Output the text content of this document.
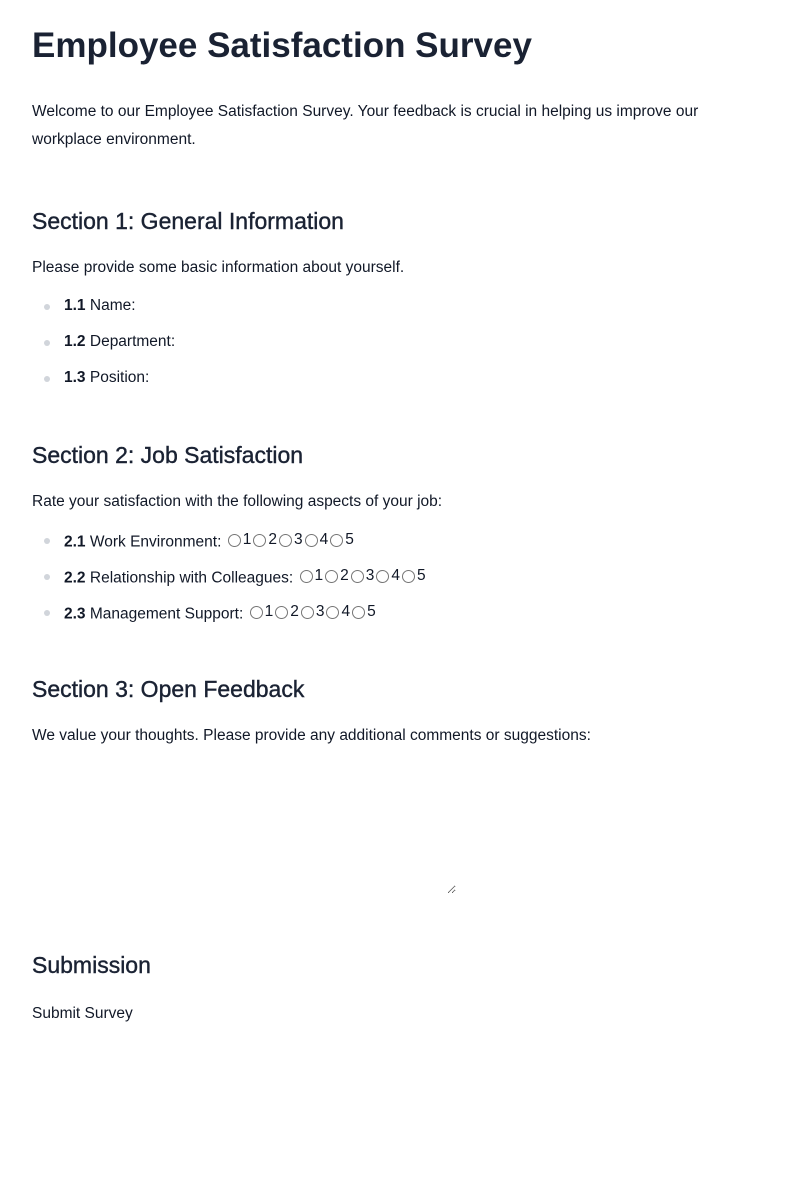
Employee Satisfaction Survey

Welcome to our Employee Satisfaction Survey. Your feedback is crucial in helping us improve our workplace environment.

Section 1: General Information

Please provide some basic information about yourself.

1.1 Name:
1.2 Department:
1.3 Position:
Section 2: Job Satisfaction

Rate your satisfaction with the following aspects of your job:

2.1 Work Environment: 1 2 3 4 5
2.2 Relationship with Colleagues: 1 2 3 4 5
2.3 Management Support: 1 2 3 4 5
Section 3: Open Feedback

We value your thoughts. Please provide any additional comments or suggestions:

Submission
Submit Survey
